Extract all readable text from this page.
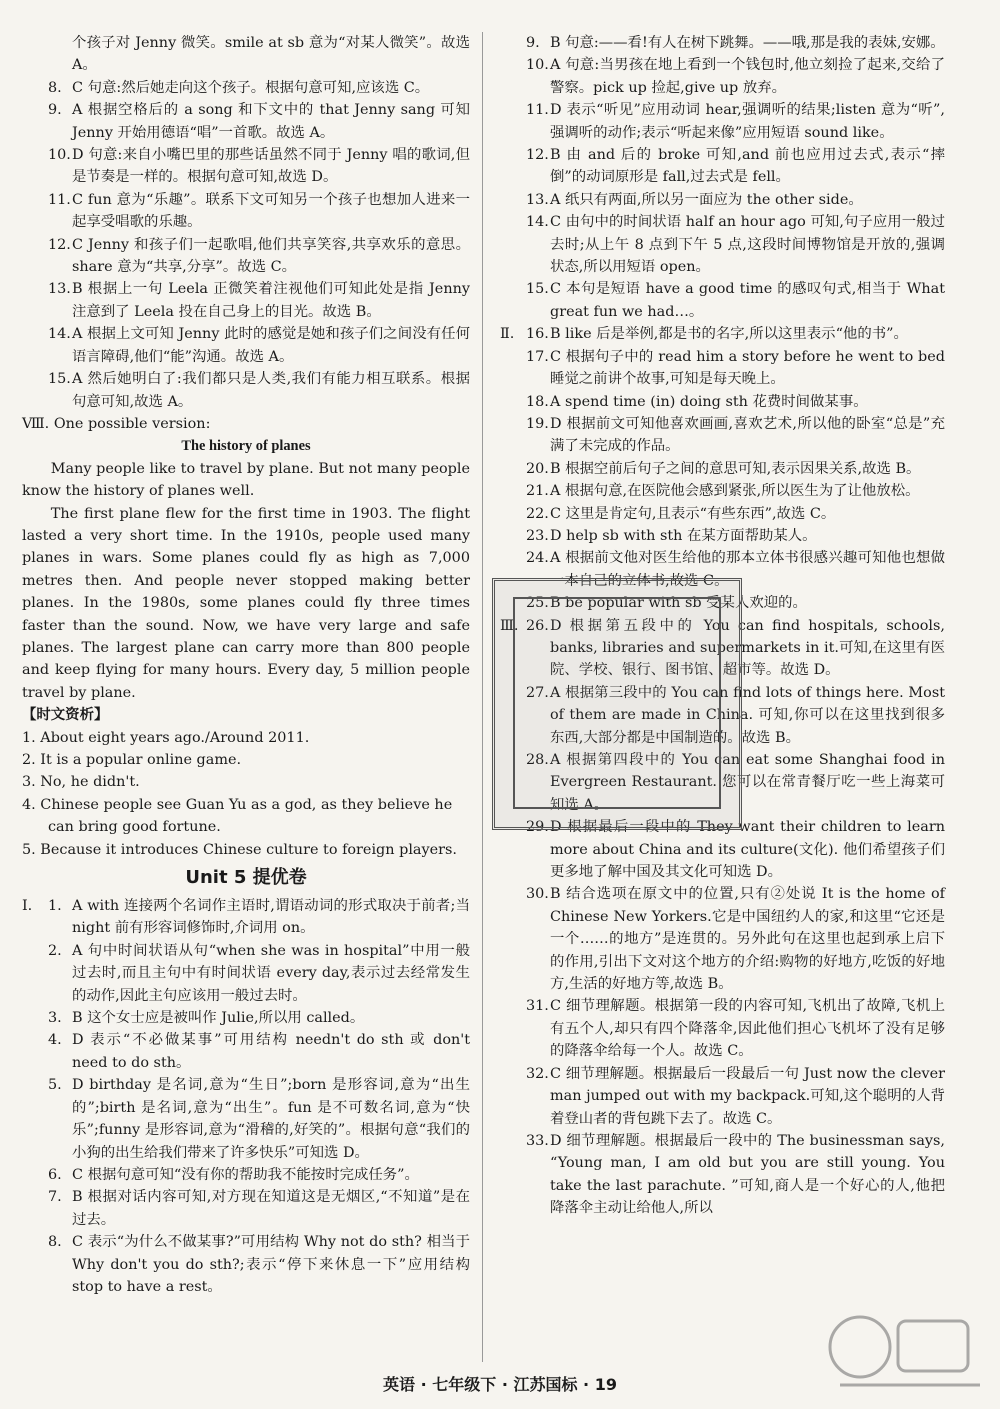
个孩子对 Jenny 微笑。smile at sb 意为“对某人微笑”。故选 A。
8. C 句意:然后她走向这个孩子。根据句意可知,应该选 C。
9. A 根据空格后的 a song 和下文中的 that Jenny sang 可知 Jenny 开始用德语“唱”一首歌。故选 A。
10. D 句意:来自小嘴巴里的那些话虽然不同于 Jenny 唱的歌词,但是节奏是一样的。根据句意可知,故选 D。
11. C fun 意为“乐趣”。联系下文可知另一个孩子也想加人进来一起享受唱歌的乐趣。
12. C Jenny 和孩子们一起歌唱,他们共享笑容,共享欢乐的意思。share 意为“共享,分享”。故选 C。
13. B 根据上一句 Leela 正微笑着注视他们可知此处是指 Jenny 注意到了 Leela 投在自己身上的目光。故选 B。
14. A 根据上文可知 Jenny 此时的感觉是她和孩子们之间没有任何语言障碍,他们“能”沟通。故选 A。
15. A 然后她明白了:我们都只是人类,我们有能力相互联系。根据句意可知,故选 A。
Ⅷ. One possible version:
The history of planes
Many people like to travel by plane. But not many people know the history of planes well.
The first plane flew for the first time in 1903. The flight lasted a very short time. In the 1910s, people used many planes in wars. Some planes could fly as high as 7,000 metres then. And people never stopped making better planes. In the 1980s, some planes could fly three times faster than the sound. Now, we have very large and safe planes. The largest plane can carry more than 800 people and keep flying for many hours. Every day, 5 million people travel by plane.
【时文资析】
1. About eight years ago./Around 2011.
2. It is a popular online game.
3. No, he didn't.
4. Chinese people see Guan Yu as a god, as they believe he can bring good fortune.
5. Because it introduces Chinese culture to foreign players.
Unit 5 提优卷
Ⅰ. 1. A with 连接两个名词作主语时,谓语动词的形式取决于前者;当 night 前有形容词修饰时,介词用 on。
2. A 句中时间状语从句“when she was in hospital”中用一般过去时,而且主句中有时间状语 every day,表示过去经常发生的动作,因此主句应该用一般过去时。
3. B 这个女士应是被叫作 Julie,所以用 called。
4. D 表示“不必做某事”可用结构 needn't do sth 或 don't need to do sth。
5. D birthday 是名词,意为“生日”;born 是形容词,意为“出生的”;birth 是名词,意为“出生”。fun 是不可数名词,意为“快乐”;funny 是形容词,意为“滑稽的,好笑的”。根据句意“我们的小狗的出生给我们带来了许多快乐”可知选 D。
6. C 根据句意可知“没有你的帮助我不能按时完成任务”。
7. B 根据对话内容可知,对方现在知道这是无烟区,“不知道”是在过去。
8. C 表示“为什么不做某事?”可用结构 Why not do sth? 相当于 Why don't you do sth?;表示“停下来休息一下”应用结构 stop to have a rest。
9. B 句意:——看!有人在树下跳舞。——哦,那是我的表妹,安娜。
10. A 句意:当男孩在地上看到一个钱包时,他立刻捡了起来,交给了警察。pick up 捡起,give up 放弃。
11. D 表示“听见”应用动词 hear,强调听的结果;listen 意为“听”,强调听的动作;表示“听起来像”应用短语 sound like。
12. B 由 and 后的 broke 可知,and 前也应用过去式,表示“摔倒”的动词原形是 fall,过去式是 fell。
13. A 纸只有两面,所以另一面应为 the other side。
14. C 由句中的时间状语 half an hour ago 可知,句子应用一般过去时;从上午 8 点到下午 5 点,这段时间博物馆是开放的,强调状态,所以用短语 open。
15. C 本句是短语 have a good time 的感叹句式,相当于 What great fun we had…。
Ⅱ. 16. B like 后是举例,都是书的名字,所以这里表示“他的书”。
17. C 根据句子中的 read him a story before he went to bed 睡觉之前讲个故事,可知是每天晚上。
18. A spend time (in) doing sth 花费时间做某事。
19. D 根据前文可知他喜欢画画,喜欢艺术,所以他的卧室“总是”充满了未完成的作品。
20. B 根据空前后句子之间的意思可知,表示因果关系,故选 B。
21. A 根据句意,在医院他会感到紧张,所以医生为了让他放松。
22. C 这里是肯定句,且表示“有些东西”,故选 C。
23. D help sb with sth 在某方面帮助某人。
24. A 根据前文他对医生给他的那本立体书很感兴趣可知他也想做一本自己的立体书,故选 C。
25. B be popular with sb 受某人欢迎的。
Ⅲ. 26. D 根据第五段中的 You can find hospitals, schools, banks, libraries and supermarkets in it.可知,在这里有医院、学校、银行、图书馆、超市等。故选 D。
27. A 根据第三段中的 You can find lots of things here. Most of them are made in China. 可知,你可以在这里找到很多东西,大部分都是中国制造的。故选 B。
28. A 根据第四段中的 You can eat some Shanghai food in Evergreen Restaurant. 您可以在常青餐厅吃一些上海菜可知选 A。
29. D 根据最后一段中的 They want their children to learn more about China and its culture(文化). 他们希望孩子们更多地了解中国及其文化可知选 D。
30. B 结合选项在原文中的位置,只有②处说 It is the home of Chinese New Yorkers.它是中国纽约人的家,和这里“它还是一个……的地方”是连贯的。另外此句在这里也起到承上启下的作用,引出下文对这个地方的介绍:购物的好地方,吃饭的好地方,生活的好地方等,故选 B。
31. C 细节理解题。根据第一段的内容可知,飞机出了故障,飞机上有五个人,却只有四个降落伞,因此他们担心飞机坏了没有足够的降落伞给每一个人。故选 C。
32. C 细节理解题。根据最后一段最后一句 Just now the clever man jumped out with my backpack.可知,这个聪明的人背着登山者的背包跳下去了。故选 C。
33. D 细节理解题。根据最后一段中的 The businessman says, “Young man, I am old but you are still young. You take the last parachute. ”可知,商人是一个好心的人,他把降落伞主动让给他人,所以
英语 · 七年级下 · 江苏国标 · 19
